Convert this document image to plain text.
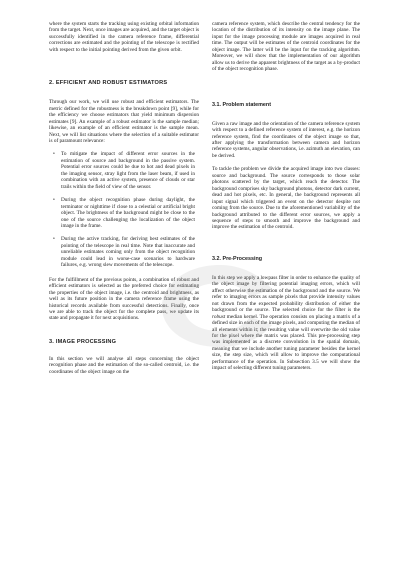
where the system starts the tracking using existing orbital information from the target. Next, once images are acquired, and the target object is successfully identified in the camera reference frame, differential corrections are estimated and the pointing of the telescope is rectified with respect to the initial pointing derived from the given orbit.

2. EFFICIENT AND ROBUST ESTIMATORS

Through our work, we will use robust and efficient estimators. The metric defined for the robustness is the breakdown point [9], while for the efficiency we choose estimators that yield minimum dispersion estimates [9]. An example of a robust estimator is the sample median; likewise, an example of an efficient estimator is the sample mean. Next, we will list situations where the selection of a suitable estimator is of paramount relevance:

• To mitigate the impact of different error sources in the estimation of source and background in the passive system. Potential error sources could be due to hot and dead pixels in the imaging sensor, stray light from the laser beam, if used in combination with an active system, presence of clouds or star trails within the field of view of the sensor.
• During the object recognition phase during daylight, the terminator or nighttime if close to a celestial or artificial bright object. The brightness of the background might be close to the one of the source challenging the localization of the object image in the frame.
• During the active tracking, for deriving best estimates of the pointing of the telescope in real time. Note that inaccurate and unreliable estimates coming only from the object recognition module could lead in worse-case scenarios to hardware failures, e.g. wrong slew movements of the telescope.

For the fulfillment of the previous points, a combination of robust and efficient estimators is selected as the preferred choice for estimating the properties of the object image, i.e. the centroid and brightness, as well as its future position in the camera reference frame using the historical records available from successful detections. Finally, once we are able to track the object for the complete pass, we update its state and propagate it for next acquisitions.

3. IMAGE PROCESSING

In this section we will analyse all steps concerning the object recognition phase and the estimation of the so-called centroid, i.e. the coordinates of the object image on the

camera reference system, which describe the central tendency for the location of the distribution of its intensity on the image plane. The input for the image processing module are images acquired in real time. The output will be estimates of the centroid coordinates for the object image. The latter will be the input for the tracking algorithm. Moreover, we will show that the implementation of our algorithm allow us to derive the apparent brightness of the target as a by-product of the object recognition phase.

3.1. Problem statement

Given a raw image and the orientation of the camera reference system with respect to a defined reference system of interest, e.g. the horizon reference system, find the coordinates of the object image so that, after applying the transformation between camera and horizon reference systems, angular observations, i.e. azimuth an elevation, can be derived.

To tackle the problem we divide the acquired image into two classes: source and background. The source corresponds to those solar photons scattered by the target, which reach the detector. The background comprises sky background photons, detector dark current, dead and hot pixels, etc. In general, the background represents all input signal which triggered an event on the detector despite not coming from the source. Due to the aforementioned variability of the background attributed to the different error sources, we apply a sequence of steps to smooth and improve the background and improve the estimation of the centroid.

3.2. Pre-Processing

In this step we apply a lowpass filter in order to enhance the quality of the object image by filtering potential imaging errors, which will affect otherwise the estimation of the background and the source. We refer to imaging errors as sample pixels that provide intensity values not drawn from the expected probability distribution of either the background or the source. The selected choice for the filter is the robust median kernel. The operation consists on placing a matrix of a defined size in each of the image pixels, and computing the median of all elements within it; the resulting value will overwrite the old value for the pixel where the matrix was placed. This pre-processing step was implemented as a discrete convolution in the spatial domain, meaning that we include another tuning parameter besides the kernel size, the step size, which will allow to improve the computational performance of the operation. In Subsection 3.5 we will show the impact of selecting different tuning parameters.
